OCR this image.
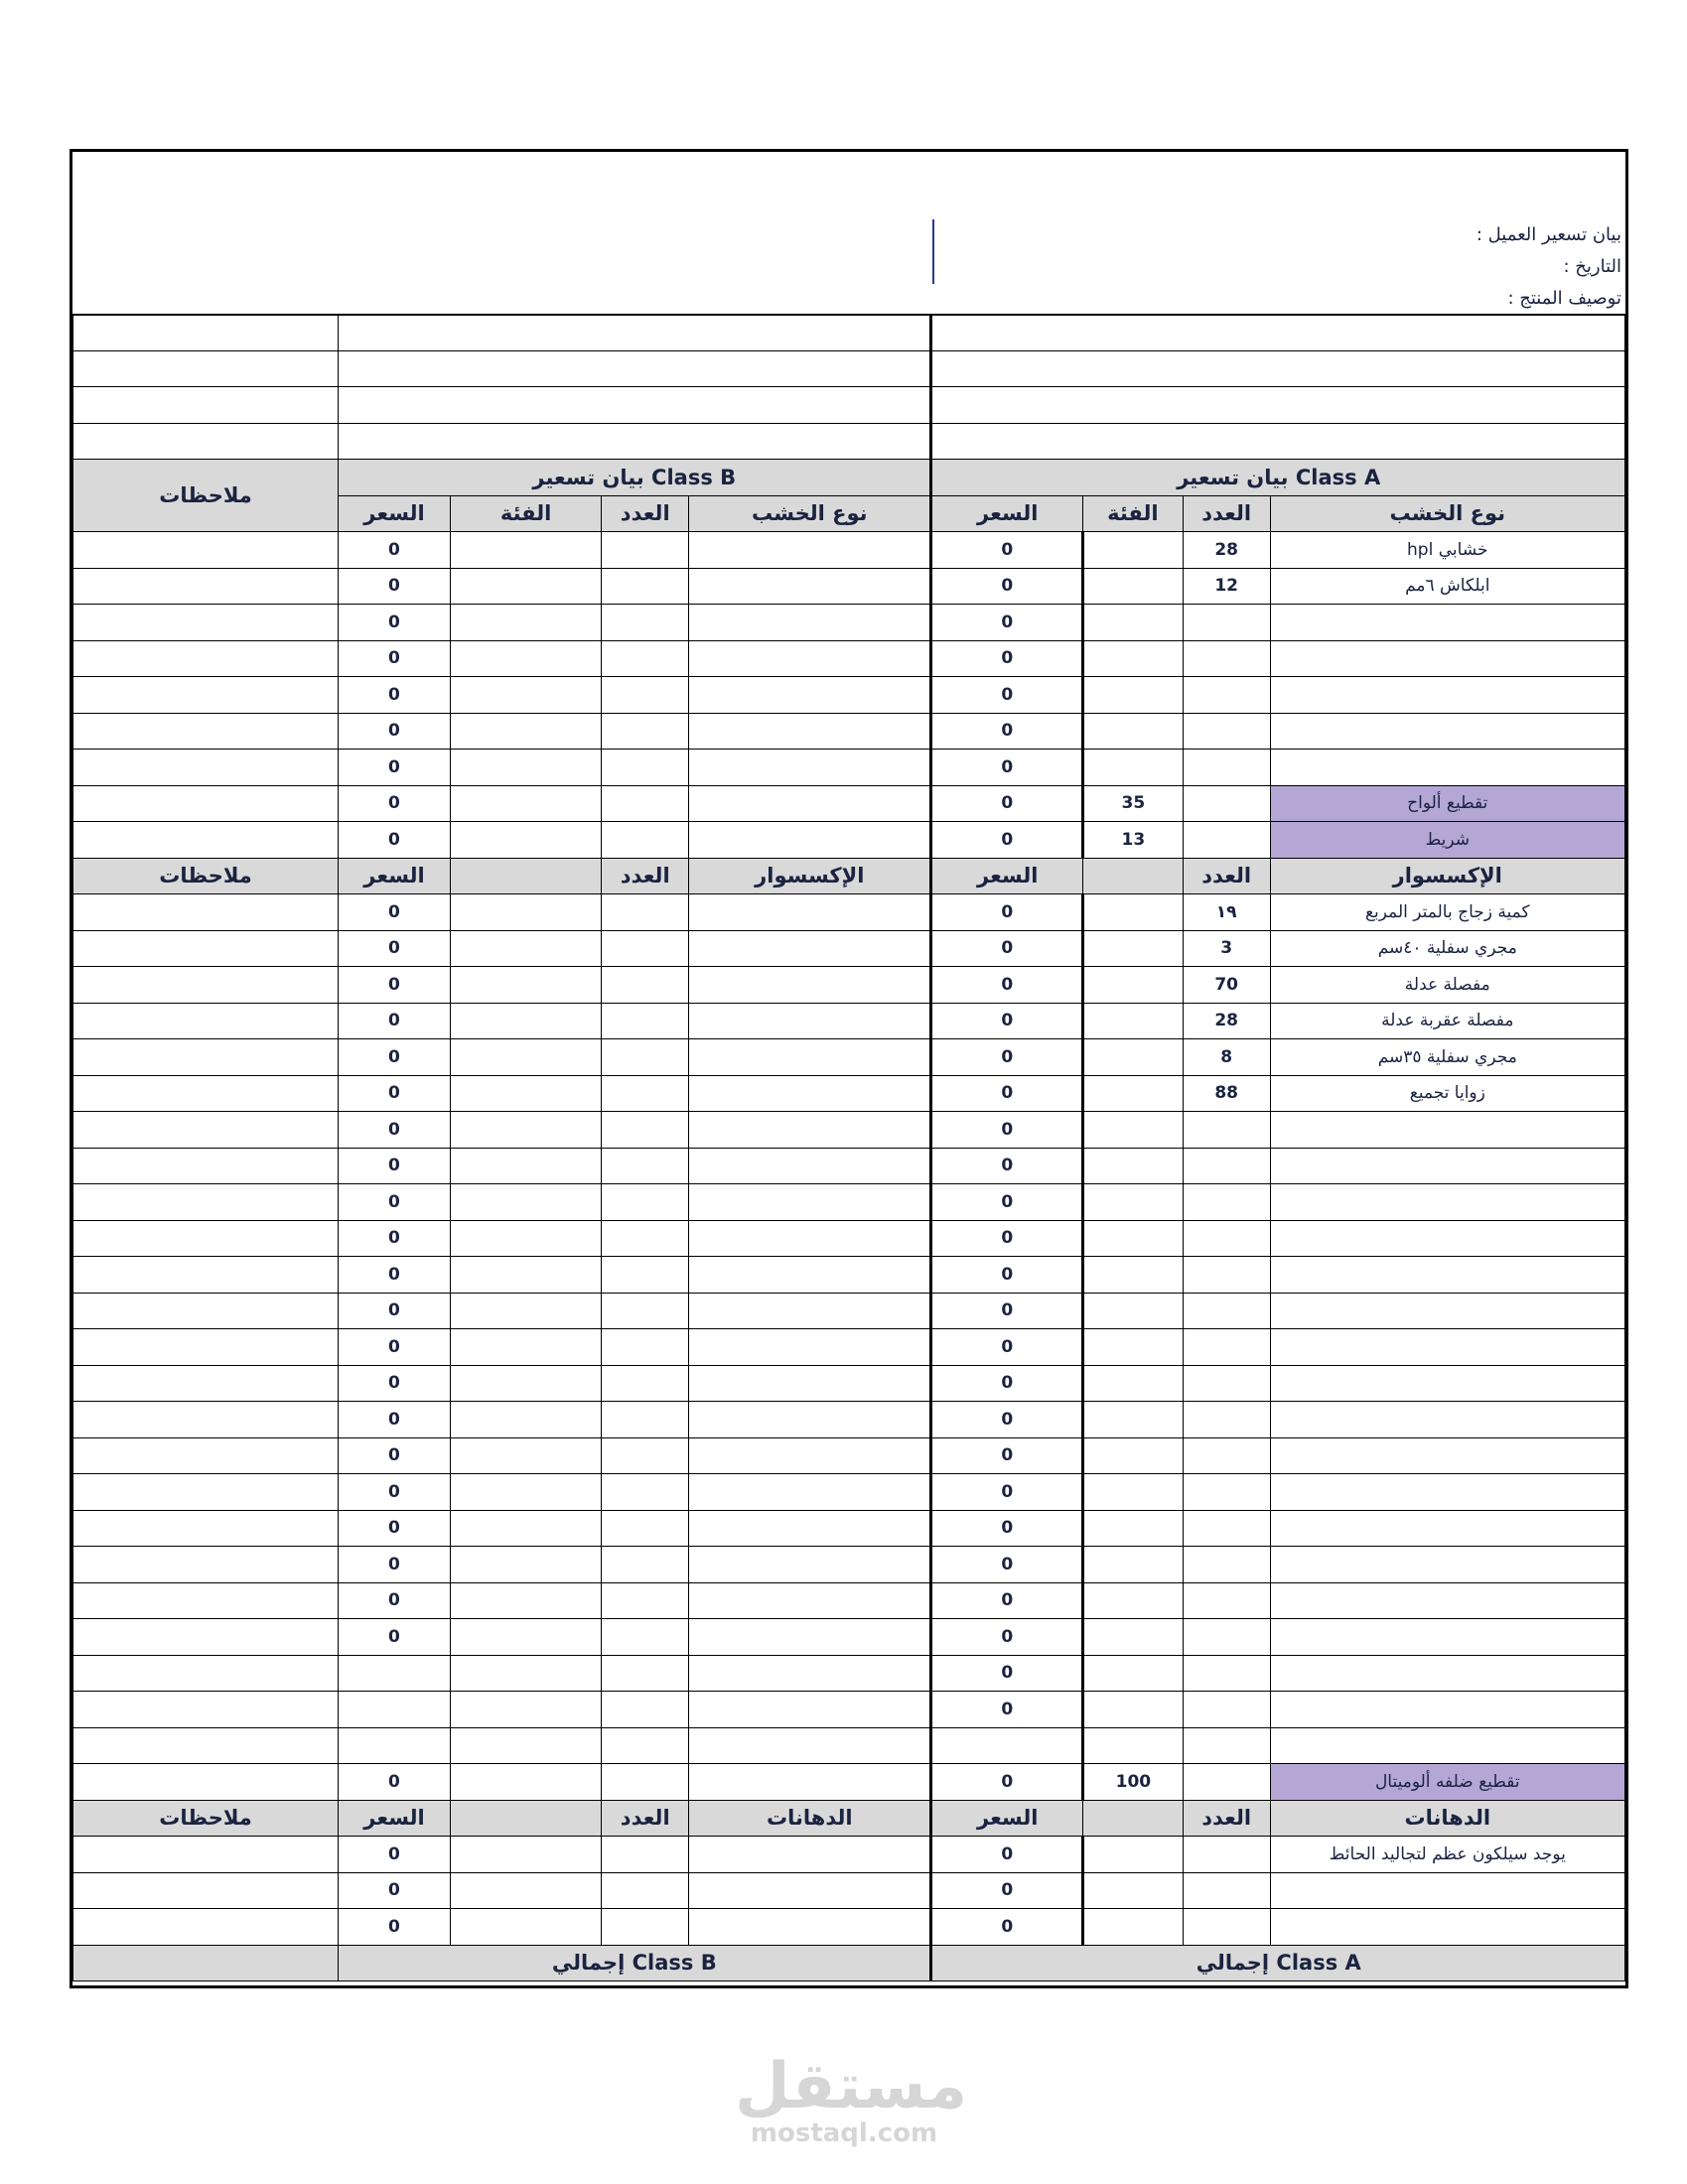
بيان تسعير العميل :
التاريخ :
توصيف المنتج :

ملاحظات	بيان تسعير Class B				بيان تسعير Class A			
	السعر	الفئة	العدد	نوع الخشب	السعر	الفئة	العدد	نوع الخشب
	0				0		28	خشابي hpl
	0				0		12	ابلكاش ٦مم
	0				0			
	0				0			
	0				0			
	0				0			
	0				0			
	0				0	35		تقطيع ألواح
	0				0	13		شريط
ملاحظات	السعر		العدد	الإكسسوار	السعر		العدد	الإكسسوار
	0				0		١٩	كمية زجاج بالمتر المربع
	0				0		3	مجري سفلية ٤٠سم
	0				0		70	مفصلة عدلة
	0				0		28	مفصلة عقربة عدلة
	0				0		8	مجري سفلية ٣٥سم
	0				0		88	زوايا تجميع
	0				0			
	0				0			
	0				0			
	0				0			
	0				0			
	0				0			
	0				0			
	0				0			
	0				0			
	0				0			
	0				0			
	0				0			
	0				0			
	0				0			
	0				0			
					0			
					0			

	0				0	100		تقطيع ضلفه ألوميتال
ملاحظات	السعر		العدد	الدهانات	السعر		العدد	الدهانات
	0				0			يوجد سيلكون عظم لتجاليد الحائط
	0				0			
	0				0			
	إجمالي Class B				إجمالي Class A			
مستقل
mostaql.com
